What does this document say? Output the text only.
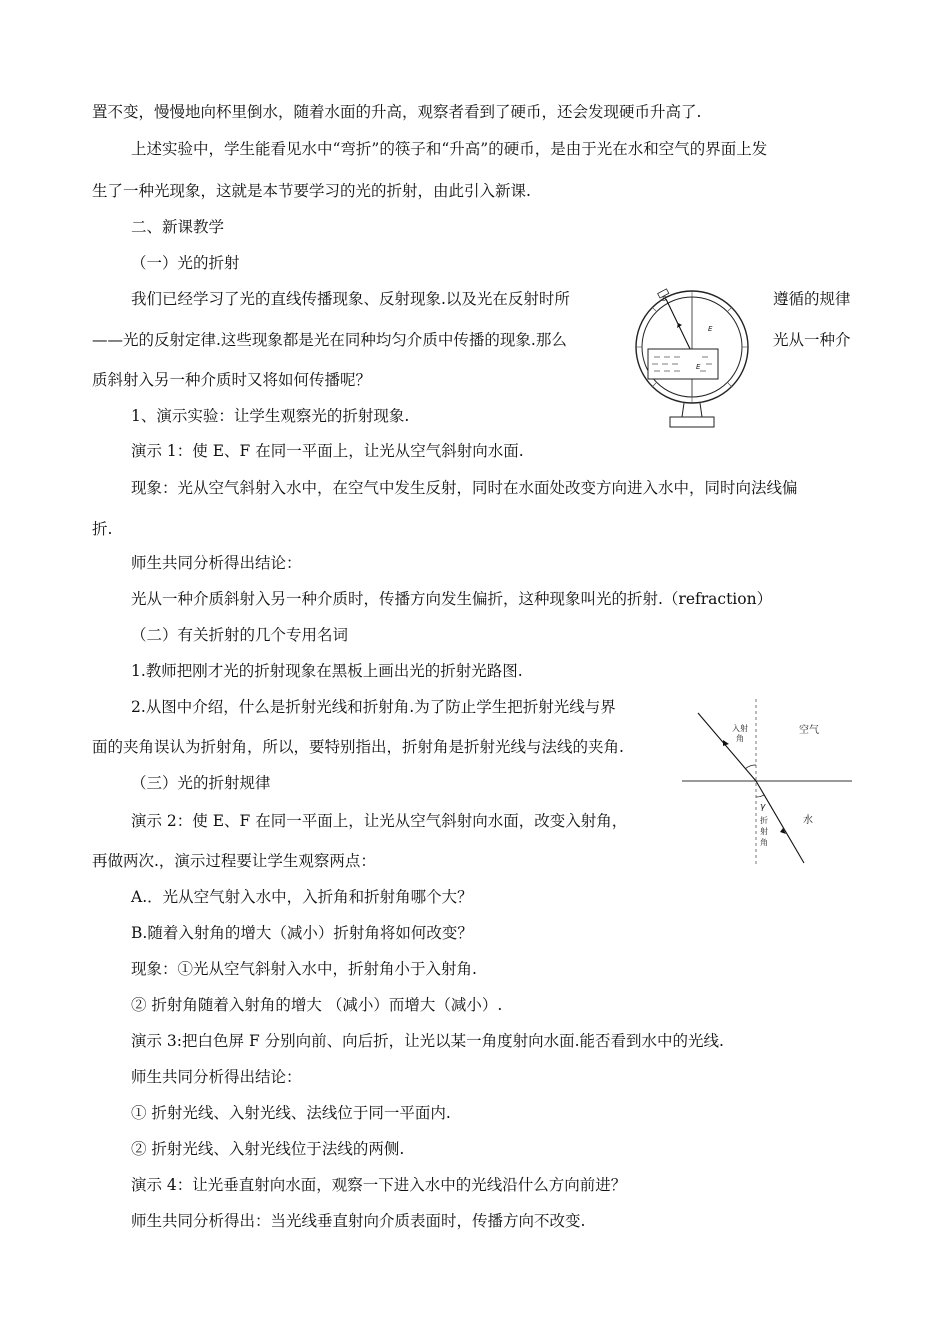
置不变，慢慢地向杯里倒水，随着水面的升高，观察者看到了硬币，还会发现硬币升高了.
上述实验中，学生能看见水中“弯折”的筷子和“升高”的硬币，是由于光在水和空气的界面上发
生了一种光现象，这就是本节要学习的光的折射，由此引入新课.
二、新课教学
（一）光的折射
我们已经学习了光的直线传播现象、反射现象.以及光在反射时所	遵循的规律
——光的反射定律.这些现象都是光在同种均匀介质中传播的现象.那么	光从一种介
质斜射入另一种介质时又将如何传播呢？
1、演示实验：让学生观察光的折射现象.
演示 1：使 E、F 在同一平面上，让光从空气斜射向水面.
现象：光从空气斜射入水中，在空气中发生反射，同时在水面处改变方向进入水中，同时向法线偏
折.
师生共同分析得出结论：
光从一种介质斜射入另一种介质时，传播方向发生偏折，这种现象叫光的折射.（refraction）
（二）有关折射的几个专用名词
1.教师把刚才光的折射现象在黑板上画出光的折射光路图.
2.从图中介绍，什么是折射光线和折射角.为了防止学生把折射光线与界
面的夹角误认为折射角，所以，要特别指出，折射角是折射光线与法线的夹角.
（三）光的折射规律
演示 2：使 E、F 在同一平面上，让光从空气斜射向水面，改变入射角，
再做两次.，演示过程要让学生观察两点：
A.．光从空气射入水中，入折角和折射角哪个大？
B.随着入射角的增大（减小）折射角将如何改变？
现象：①光从空气斜射入水中，折射角小于入射角.
② 折射角随着入射角的增大 （减小）而增大（减小）.
演示 3:把白色屏 F 分别向前、向后折，让光以某一角度射向水面.能否看到水中的光线.
师生共同分析得出结论：
① 折射光线、入射光线、法线位于同一平面内.
② 折射光线、入射光线位于法线的两侧.
演示 4：让光垂直射向水面，观察一下进入水中的光线沿什么方向前进？
师生共同分析得出：当光线垂直射向介质表面时，传播方向不改变.
S
E
E
空气
水
入 射
角
γ
折
射
角
